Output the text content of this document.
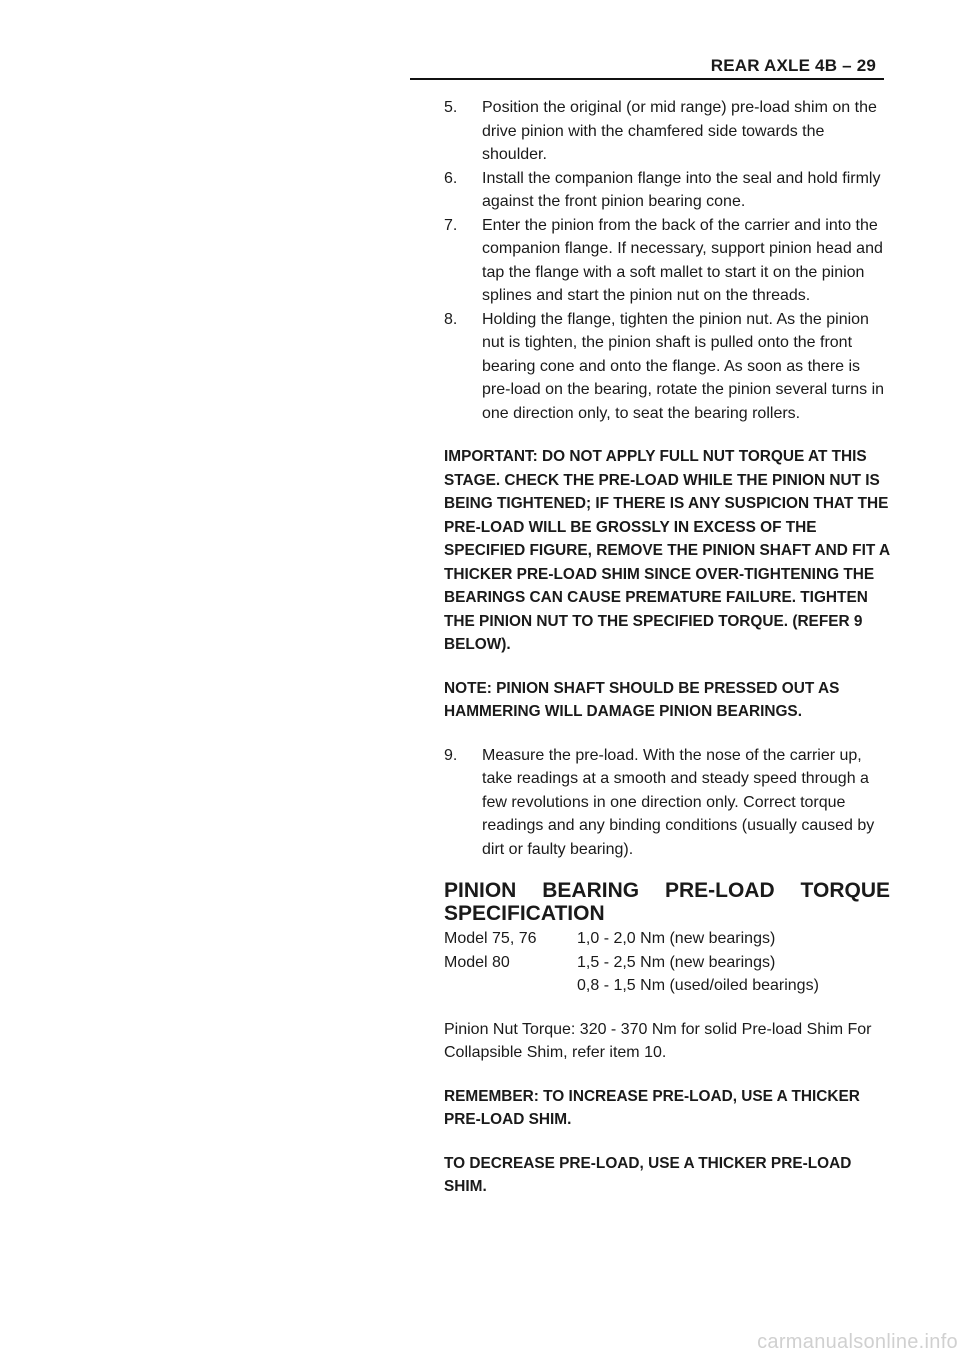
REAR AXLE 4B – 29
5.	Position the original (or mid range) pre-load shim on the drive pinion with the chamfered side towards the shoulder.
6.	Install the companion flange into the seal and hold firmly against the front pinion bearing cone.
7.	Enter the pinion from the back of the carrier and into the companion flange. If necessary, support pinion head and tap the flange with a soft mallet to start it on the pinion splines and start the pinion nut on the threads.
8.	Holding the flange, tighten the pinion nut. As the pinion nut is tighten, the pinion shaft is pulled onto the front bearing cone and onto the flange. As soon as there is pre-load on the bearing, rotate the pinion several turns in one direction only, to seat the bearing rollers.

IMPORTANT: DO NOT APPLY FULL NUT TORQUE AT THIS STAGE. CHECK THE PRE-LOAD WHILE THE PINION NUT IS BEING TIGHTENED; IF THERE IS ANY SUSPICION THAT THE PRE-LOAD WILL BE GROSSLY IN EXCESS OF THE SPECIFIED FIGURE, REMOVE THE PINION SHAFT AND FIT A THICKER PRE-LOAD SHIM SINCE OVER-TIGHTENING THE BEARINGS CAN CAUSE PREMATURE FAILURE. TIGHTEN THE PINION NUT TO THE SPECIFIED TORQUE. (REFER 9 BELOW).

NOTE: PINION SHAFT SHOULD BE PRESSED OUT AS HAMMERING WILL DAMAGE PINION BEARINGS.

9.	Measure the pre-load. With the nose of the carrier up, take readings at a smooth and steady speed through a few revolutions in one direction only. Correct torque readings and any binding conditions (usually caused by dirt or faulty bearing).
PINION BEARING PRE-LOAD TORQUE
SPECIFICATION
Model 75, 76	1,0 - 2,0 Nm (new bearings)
Model 80	1,5 - 2,5 Nm (new bearings)
0,8 - 1,5 Nm (used/oiled bearings)

Pinion Nut Torque: 320 - 370 Nm for solid Pre-load Shim For Collapsible Shim, refer item 10.

REMEMBER: TO INCREASE PRE-LOAD, USE A THICKER PRE-LOAD SHIM.

TO DECREASE PRE-LOAD, USE A THICKER PRE-LOAD SHIM.

carmanualsonline.info
